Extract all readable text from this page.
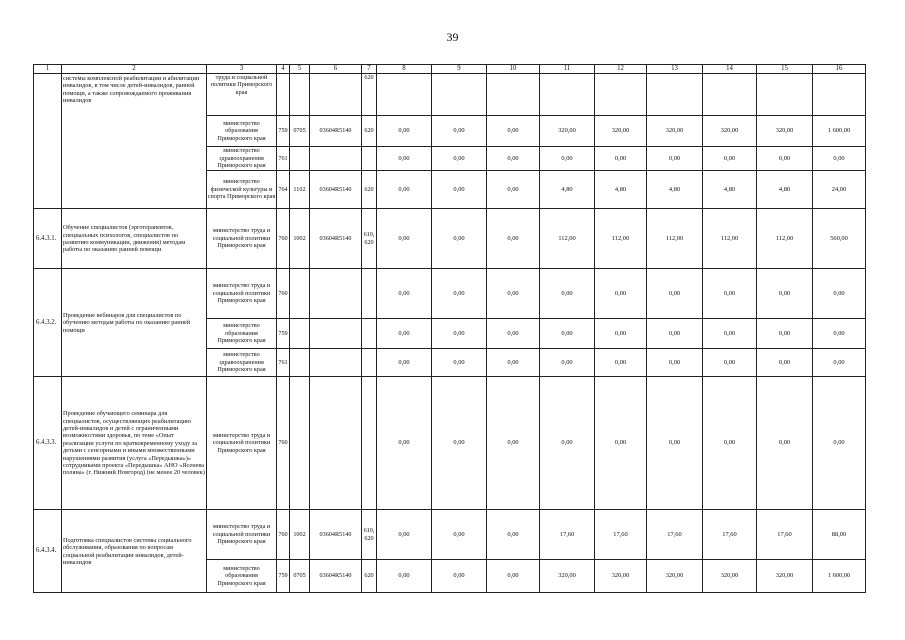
39
1	2	3	4	5	6	7	8	9	10	11	12	13	14	15	16
	системы комплексной реабилитации и абилитации инвалидов, в том числе детей-инвалидов, ранней помощи, а также сопровождаемого проживания инвалидов	труда и социальной политики Приморского края				620									
		министерство образования Приморского края	759	0705	03604R5140	620	0,00	0,00	0,00	320,00	320,00	320,00	320,00	320,00	1 600,00
		министерство здравоохранения Приморского края	761				0,00	0,00	0,00	0,00	0,00	0,00	0,00	0,00	0,00
		министерство физической культуры и спорта Приморского края	764	1102	03604R5140	620	0,00	0,00	0,00	4,80	4,80	4,80	4,80	4,80	24,00
6.4.3.1.	Обучение специалистов (эрготерапевтов, специальных психологов, специалистов по развитию коммуникации, движения) методам работы по оказанию ранней помощи	министерство труда и социальной политики Приморского края	760	1002	03604R5140	610, 620	0,00	0,00	0,00	112,00	112,00	112,00	112,00	112,00	560,00
6.4.3.2.	Проведение вебинаров для специалистов по обучению методам работы по оказанию ранней помощи	министерство труда и социальной политики Приморского края	760				0,00	0,00	0,00	0,00	0,00	0,00	0,00	0,00	0,00
		министерство образования Приморского края	759				0,00	0,00	0,00	0,00	0,00	0,00	0,00	0,00	0,00
		министерство здравоохранения Приморского края	761				0,00	0,00	0,00	0,00	0,00	0,00	0,00	0,00	0,00
6.4.3.3.	Проведение обучающего семинара для специалистов, осуществляющих реабилитацию детей-инвалидов и детей с ограниченными возможностями здоровья, по теме «Опыт реализации услуги по кратковременному уходу за детьми с сенсорными и иными множественными нарушениями развития (услуга «Передышка»)» сотрудниками проекта «Передышка» АНО «Ясенева поляна» (г. Нижний Новгород) (не менее 20 человек)	министерство труда и социальной политики Приморского края	760				0,00	0,00	0,00	0,00	0,00	0,00	0,00	0,00	0,00
6.4.3.4.	Подготовка специалистов системы социального обслуживания, образования по вопросам социальной реабилитации инвалидов, детей-инвалидов	министерство труда и социальной политики Приморского края	760	1002	03604R5140	610, 620	0,00	0,00	0,00	17,60	17,60	17,60	17,60	17,60	88,00
		министерство образования Приморского края	759	0705	03604R5140	620	0,00	0,00	0,00	320,00	320,00	320,00	320,00	320,00	1 600,00
